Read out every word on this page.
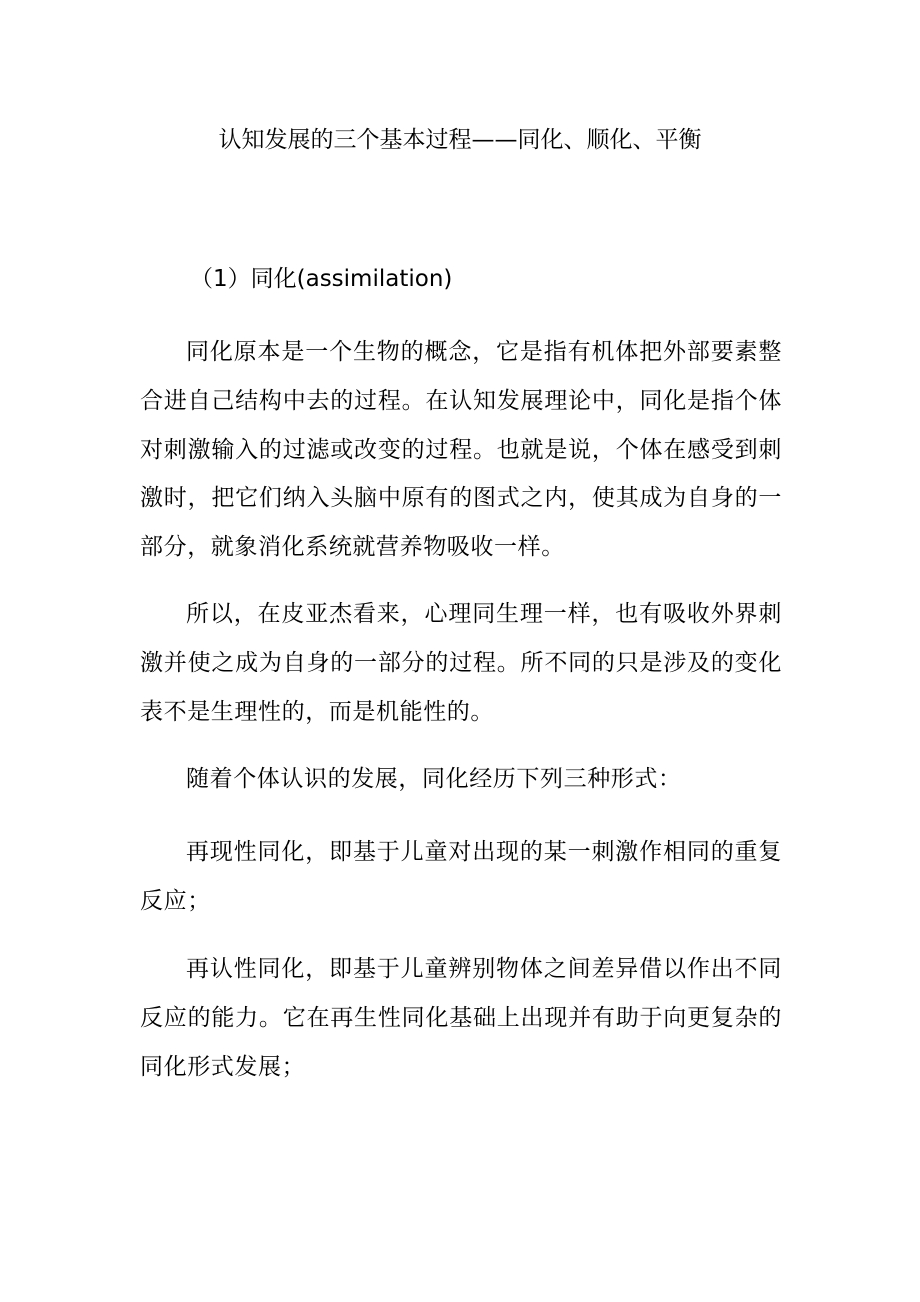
认知发展的三个基本过程——同化、顺化、平衡
（1）同化(assimilation)

同化原本是一个生物的概念，它是指有机体把外部要素整合进自己结构中去的过程。在认知发展理论中，同化是指个体对刺激输入的过滤或改变的过程。也就是说，个体在感受到刺激时，把它们纳入头脑中原有的图式之内，使其成为自身的一部分，就象消化系统就营养物吸收一样。

所以，在皮亚杰看来，心理同生理一样，也有吸收外界刺激并使之成为自身的一部分的过程。所不同的只是涉及的变化表不是生理性的，而是机能性的。

随着个体认识的发展，同化经历下列三种形式：

再现性同化，即基于儿童对出现的某一刺激作相同的重复反应；

再认性同化，即基于儿童辨别物体之间差异借以作出不同反应的能力。它在再生性同化基础上出现并有助于向更复杂的同化形式发展；
